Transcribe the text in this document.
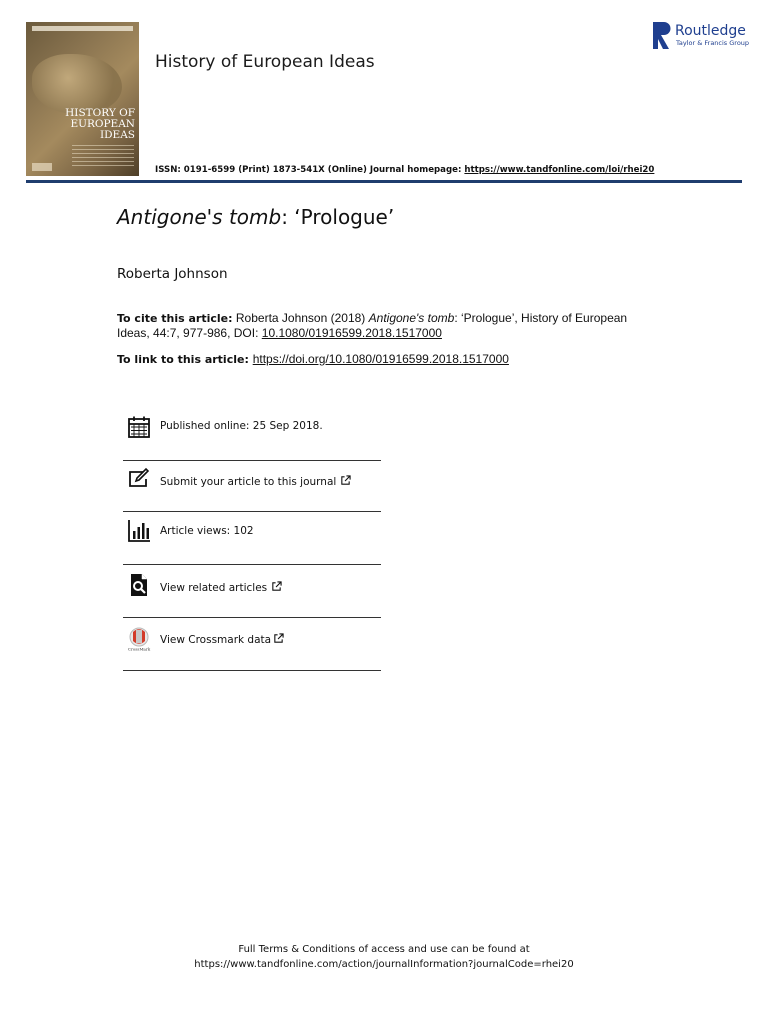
HISTORY OF EUROPEAN IDEAS
History of European Ideas
Routledge
Taylor & Francis Group
ISSN: 0191-6599 (Print) 1873-541X (Online) Journal homepage: https://www.tandfonline.com/loi/rhei20
Antigone's tomb: ‘Prologue’
Roberta Johnson
To cite this article: Roberta Johnson (2018) Antigone's tomb: ‘Prologue’, History of European Ideas, 44:7, 977-986, DOI: 10.1080/01916599.2018.1517000
To link to this article: https://doi.org/10.1080/01916599.2018.1517000
Published online: 25 Sep 2018.
Submit your article to this journal
Article views: 102
View related articles
CrossMark
View Crossmark data
Full Terms & Conditions of access and use can be found at
https://www.tandfonline.com/action/journalInformation?journalCode=rhei20
